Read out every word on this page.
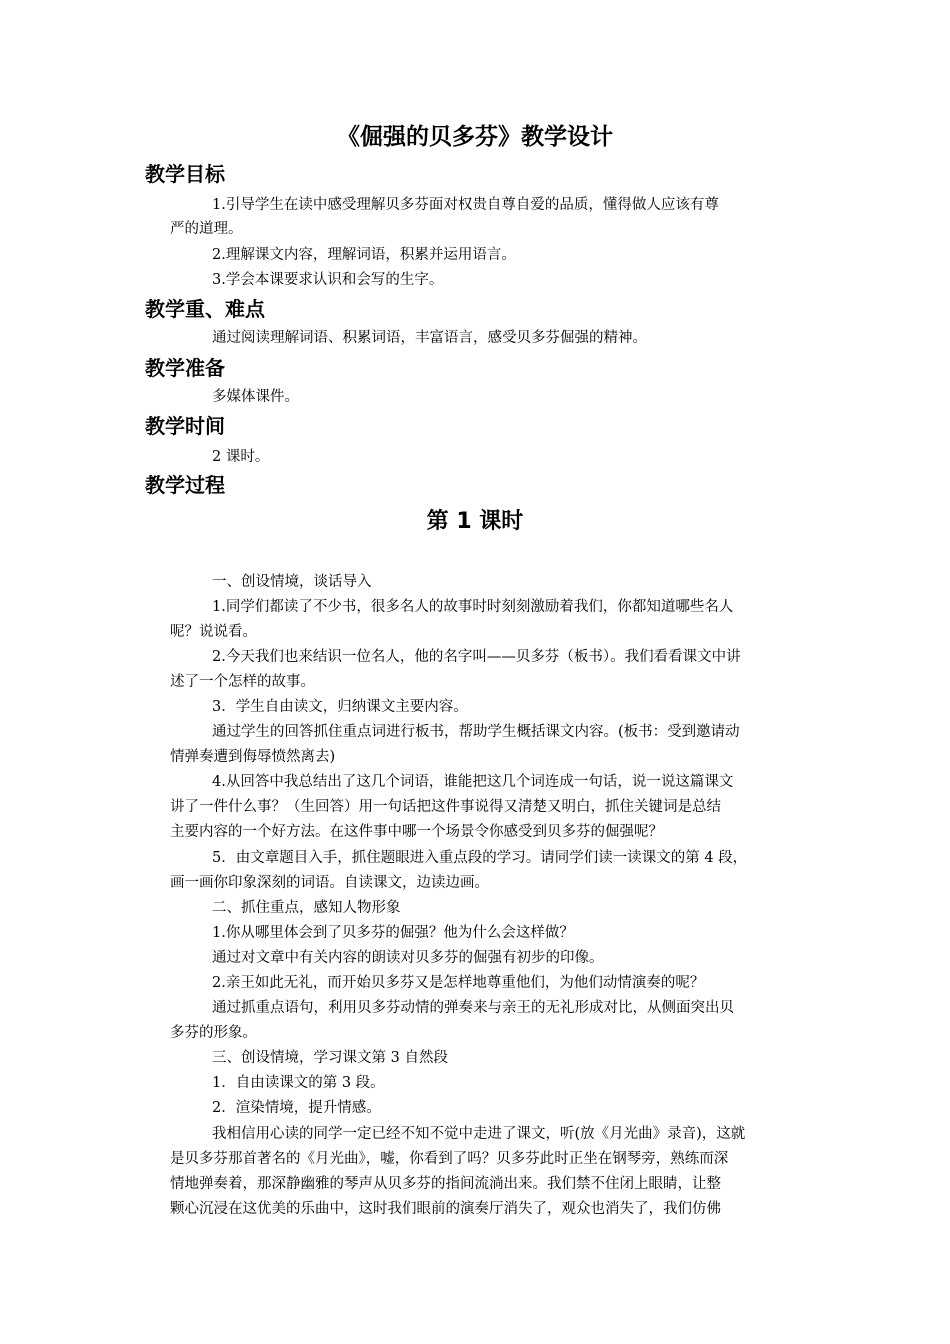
《倔强的贝多芬》教学设计
教学目标
1.引导学生在读中感受理解贝多芬面对权贵自尊自爱的品质，懂得做人应该有尊
严的道理。
2.理解课文内容，理解词语，积累并运用语言。
3.学会本课要求认识和会写的生字。
教学重、难点
通过阅读理解词语、积累词语，丰富语言，感受贝多芬倔强的精神。
教学准备
多媒体课件。
教学时间
2 课时。
教学过程
第 1 课时
一、创设情境，谈话导入
1.同学们都读了不少书，很多名人的故事时时刻刻激励着我们，你都知道哪些名人
呢？说说看。
2.今天我们也来结识一位名人，他的名字叫——贝多芬（板书）。我们看看课文中讲
述了一个怎样的故事。
3．学生自由读文，归纳课文主要内容。
通过学生的回答抓住重点词进行板书，帮助学生概括课文内容。(板书：受到邀请动
情弹奏遭到侮辱愤然离去)
4.从回答中我总结出了这几个词语，谁能把这几个词连成一句话，说一说这篇课文
讲了一件什么事？（生回答）用一句话把这件事说得又清楚又明白，抓住关键词是总结
主要内容的一个好方法。在这件事中哪一个场景令你感受到贝多芬的倔强呢？
5．由文章题目入手，抓住题眼进入重点段的学习。请同学们读一读课文的第 4 段，
画一画你印象深刻的词语。自读课文，边读边画。
二、抓住重点，感知人物形象
1.你从哪里体会到了贝多芬的倔强？他为什么会这样做？
通过对文章中有关内容的朗读对贝多芬的倔强有初步的印像。
2.亲王如此无礼，而开始贝多芬又是怎样地尊重他们，为他们动情演奏的呢？
通过抓重点语句，利用贝多芬动情的弹奏来与亲王的无礼形成对比，从侧面突出贝
多芬的形象。
三、创设情境，学习课文第 3 自然段
1．自由读课文的第 3 段。
2．渲染情境，提升情感。
我相信用心读的同学一定已经不知不觉中走进了课文，听(放《月光曲》录音)，这就
是贝多芬那首著名的《月光曲》，嘘，你看到了吗？贝多芬此时正坐在钢琴旁，熟练而深
情地弹奏着，那深静幽雅的琴声从贝多芬的指间流淌出来。我们禁不住闭上眼睛，让整
颗心沉浸在这优美的乐曲中，这时我们眼前的演奏厅消失了，观众也消失了，我们仿佛
